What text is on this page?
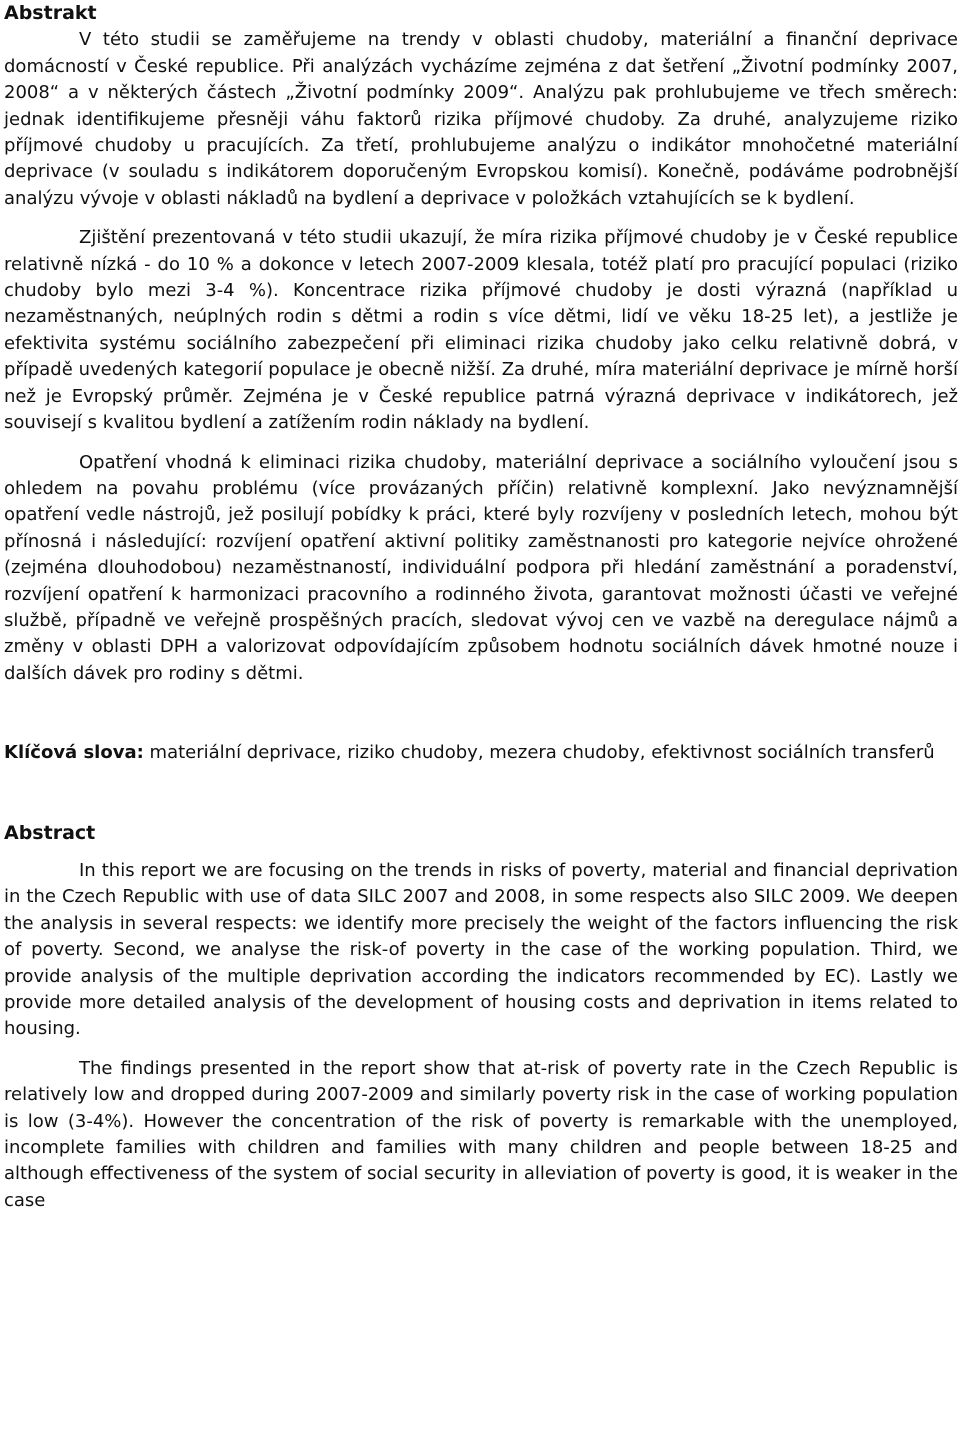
Abstrakt

V této studii se zaměřujeme na trendy v oblasti chudoby, materiální a finanční deprivace domácností v České republice. Při analýzách vycházíme zejména z dat šetření „Životní podmínky 2007, 2008“ a v některých částech „Životní podmínky 2009“. Analýzu pak prohlubujeme ve třech směrech: jednak identifikujeme přesněji váhu faktorů rizika příjmové chudoby. Za druhé, analyzujeme riziko příjmové chudoby u pracujících. Za třetí, prohlubujeme analýzu o indikátor mnohočetné materiální deprivace (v souladu s indikátorem doporučeným Evropskou komisí). Konečně, podáváme podrobnější analýzu vývoje v oblasti nákladů na bydlení a deprivace v položkách vztahujících se k bydlení.

Zjištění prezentovaná v této studii ukazují, že míra rizika příjmové chudoby je v České republice relativně nízká - do 10 % a dokonce v letech 2007-2009 klesala, totéž platí pro pracující populaci (riziko chudoby bylo mezi 3-4 %). Koncentrace rizika příjmové chudoby je dosti výrazná (například u nezaměstnaných, neúplných rodin s dětmi a rodin s více dětmi, lidí ve věku 18-25 let), a jestliže je efektivita systému sociálního zabezpečení při eliminaci rizika chudoby jako celku relativně dobrá, v případě uvedených kategorií populace je obecně nižší. Za druhé, míra materiální deprivace je mírně horší než je Evropský průměr. Zejména je v České republice patrná výrazná deprivace v indikátorech, jež souvisejí s kvalitou bydlení a zatížením rodin náklady na bydlení.

Opatření vhodná k eliminaci rizika chudoby, materiální deprivace a sociálního vyloučení jsou s ohledem na povahu problému (více provázaných příčin) relativně komplexní. Jako nevýznamnější opatření vedle nástrojů, jež posilují pobídky k práci, které byly rozvíjeny v posledních letech, mohou být přínosná i následující: rozvíjení opatření aktivní politiky zaměstnanosti pro kategorie nejvíce ohrožené (zejména dlouhodobou) nezaměstnaností, individuální podpora při hledání zaměstnání a poradenství, rozvíjení opatření k harmonizaci pracovního a rodinného života, garantovat možnosti účasti ve veřejné službě, případně ve veřejně prospěšných pracích, sledovat vývoj cen ve vazbě na deregulace nájmů a změny v oblasti DPH a valorizovat odpovídajícím způsobem hodnotu sociálních dávek hmotné nouze i dalších dávek pro rodiny s dětmi.

Klíčová slova: materiální deprivace, riziko chudoby, mezera chudoby, efektivnost sociálních transferů
Abstract

In this report we are focusing on the trends in risks of poverty, material and financial deprivation in the Czech Republic with use of data SILC 2007 and 2008, in some respects also SILC 2009. We deepen the analysis in several respects: we identify more precisely the weight of the factors influencing the risk of poverty. Second, we analyse the risk-of poverty in the case of the working population. Third, we provide analysis of the multiple deprivation according the indicators recommended by EC). Lastly we provide more detailed analysis of the development of housing costs and deprivation in items related to housing.

The findings presented in the report show that at-risk of poverty rate in the Czech Republic is relatively low and dropped during 2007-2009 and similarly poverty risk in the case of working population is low (3-4%). However the concentration of the risk of poverty is remarkable with the unemployed, incomplete families with children and families with many children and people between 18-25 and although effectiveness of the system of social security in alleviation of poverty is good, it is weaker in the case
